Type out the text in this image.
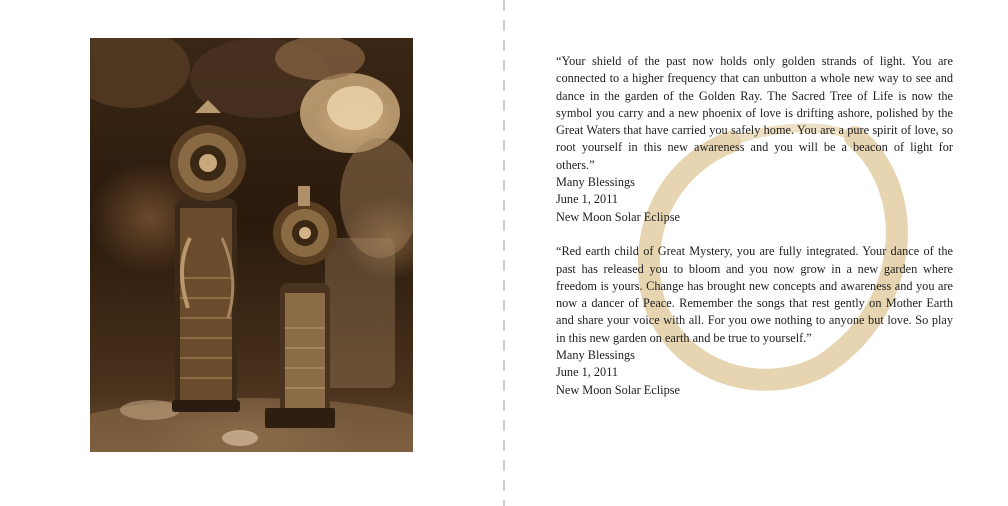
“Your shield of the past now holds only golden strands of light. You are connected to a higher frequency that can unbutton a whole new way to see and dance in the garden of the Golden Ray. The Sacred Tree of Life is now the symbol you carry and a new phoenix of love is drifting ashore, polished by the Great Waters that have carried you safely home. You are a pure spirit of love, so root yourself in this new awareness and you will be a beacon of light for others.”

Many Blessings

June 1, 2011

New Moon Solar Eclipse

“Red earth child of Great Mystery, you are fully integrated. Your dance of the past has released you to bloom and you now grow in a new garden where freedom is yours. Change has brought new concepts and awareness and you are now a dancer of Peace. Remember the songs that rest gently on Mother Earth and share your voice with all. For you owe nothing to anyone but love. So play in this new garden on earth and be true to yourself.”

Many Blessings

June 1, 2011

New Moon Solar Eclipse
